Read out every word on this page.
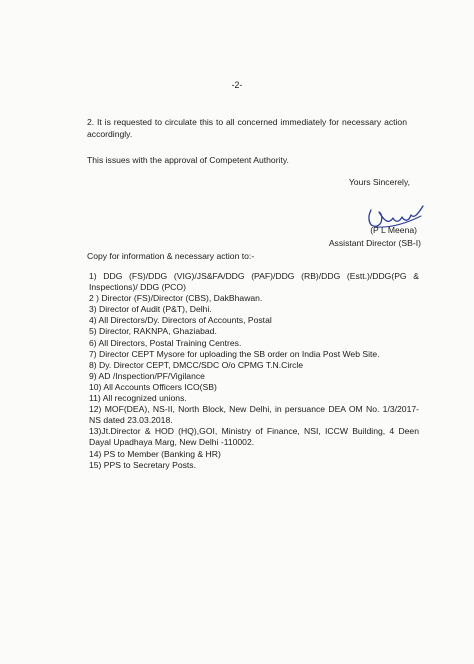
-2-
2. It is requested to circulate this to all concerned immediately for necessary action accordingly.
This issues with the approval of Competent Authority.
Yours Sincerely,
(P L Meena)
Assistant Director (SB-I)
Copy for information & necessary action to:-
1) DDG (FS)/DDG (VIG)/JS&FA/DDG (PAF)/DDG (RB)/DDG (Estt.)/DDG(PG & Inspections)/ DDG (PCO)
2 ) Director (FS)/Director (CBS), DakBhawan.
3) Director of Audit (P&T), Delhi.
4) All Directors/Dy. Directors of Accounts, Postal
5) Director, RAKNPA, Ghaziabad.
6) All Directors, Postal Training Centres.
7) Director CEPT Mysore for uploading the SB order on India Post Web Site.
8) Dy. Director CEPT, DMCC/SDC O/o CPMG T.N.Circle
9) AD /Inspection/PF/Vigilance
10) All Accounts Officers ICO(SB)
11) All recognized unions.
12) MOF(DEA), NS-II, North Block, New Delhi, in persuance DEA OM No. 1/3/2017-NS dated 23.03.2018.
13)Jt.Director & HOD (HQ),GOI, Ministry of Finance, NSI, ICCW Building, 4 Deen Dayal Upadhaya Marg, New Delhi -110002.
14) PS to Member (Banking & HR)
15) PPS to Secretary Posts.
